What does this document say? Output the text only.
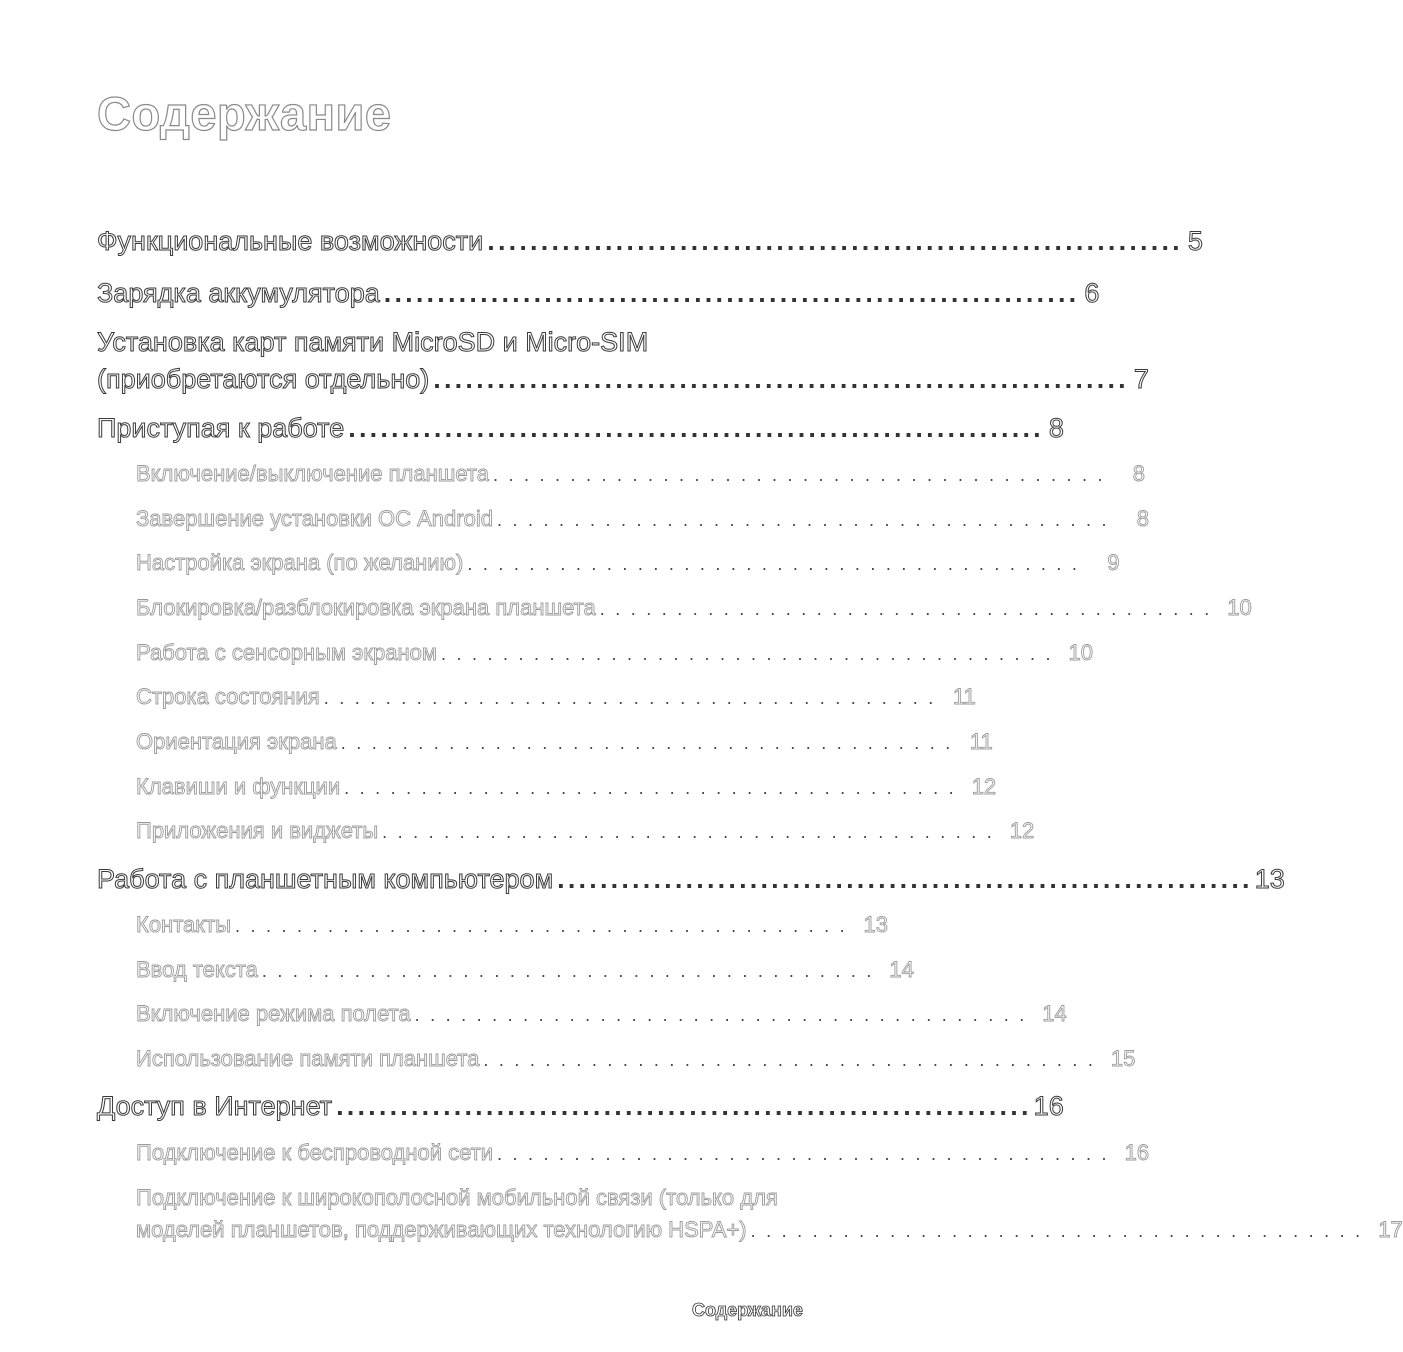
Содержание
Функциональные возможности ................................................................. 5
Зарядка аккумулятора ................................................................. 6
Установка карт памяти MicroSD и Micro-SIM
(приобретаются отдельно) ................................................................. 7
Приступая к работе ................................................................. 8
Включение/выключение планшета ........................................ 8
Завершение установки ОС Android ........................................ 8
Настройка экрана (по желанию) ........................................ 9
Блокировка/разблокировка экрана планшета ........................................ 10
Работа с сенсорным экраном ........................................ 10
Строка состояния ........................................ 11
Ориентация экрана ........................................ 11
Клавиши и функции ........................................ 12
Приложения и виджеты ........................................ 12
Работа с планшетным компьютером ................................................................. 13
Контакты ........................................ 13
Ввод текста ........................................ 14
Включение режима полета ........................................ 14
Использование памяти планшета ........................................ 15
Доступ в Интернет ................................................................. 16
Подключение к беспроводной сети ........................................ 16
Подключение к широкополосной мобильной связи (только для
моделей планшетов, поддерживающих технологию HSPA+) ........................................ 17
Содержание
